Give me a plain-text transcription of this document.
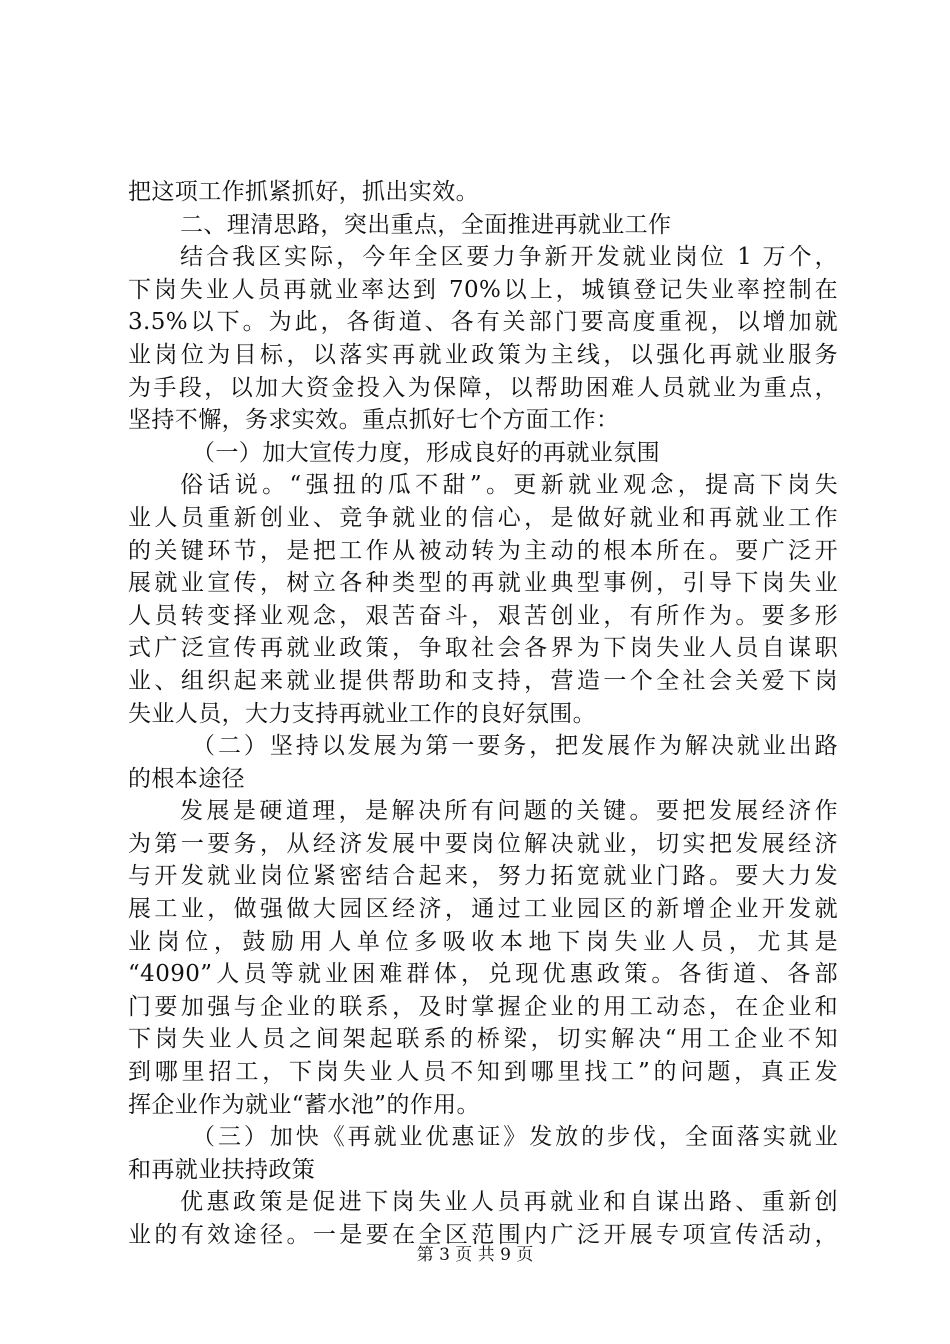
把这项工作抓紧抓好，抓出实效。
二、理清思路，突出重点，全面推进再就业工作
结合我区实际，今年全区要力争新开发就业岗位 1 万个，
下岗失业人员再就业率达到 70%以上，城镇登记失业率控制在
3.5%以下。为此，各街道、各有关部门要高度重视，以增加就
业岗位为目标，以落实再就业政策为主线，以强化再就业服务
为手段，以加大资金投入为保障，以帮助困难人员就业为重点，
坚持不懈，务求实效。重点抓好七个方面工作：
（一）加大宣传力度，形成良好的再就业氛围
俗话说。“强扭的瓜不甜”。更新就业观念，提高下岗失
业人员重新创业、竞争就业的信心，是做好就业和再就业工作
的关键环节，是把工作从被动转为主动的根本所在。要广泛开
展就业宣传，树立各种类型的再就业典型事例，引导下岗失业
人员转变择业观念，艰苦奋斗，艰苦创业，有所作为。要多形
式广泛宣传再就业政策，争取社会各界为下岗失业人员自谋职
业、组织起来就业提供帮助和支持，营造一个全社会关爱下岗
失业人员，大力支持再就业工作的良好氛围。
（二）坚持以发展为第一要务，把发展作为解决就业出路
的根本途径
发展是硬道理，是解决所有问题的关键。要把发展经济作
为第一要务，从经济发展中要岗位解决就业，切实把发展经济
与开发就业岗位紧密结合起来，努力拓宽就业门路。要大力发
展工业，做强做大园区经济，通过工业园区的新增企业开发就
业岗位，鼓励用人单位多吸收本地下岗失业人员，尤其是
“4090”人员等就业困难群体，兑现优惠政策。各街道、各部
门要加强与企业的联系，及时掌握企业的用工动态，在企业和
下岗失业人员之间架起联系的桥梁，切实解决“用工企业不知
到哪里招工，下岗失业人员不知到哪里找工”的问题，真正发
挥企业作为就业“蓄水池”的作用。
（三）加快《再就业优惠证》发放的步伐，全面落实就业
和再就业扶持政策
优惠政策是促进下岗失业人员再就业和自谋出路、重新创
业的有效途径。一是要在全区范围内广泛开展专项宣传活动，
第 3 页 共 9 页
